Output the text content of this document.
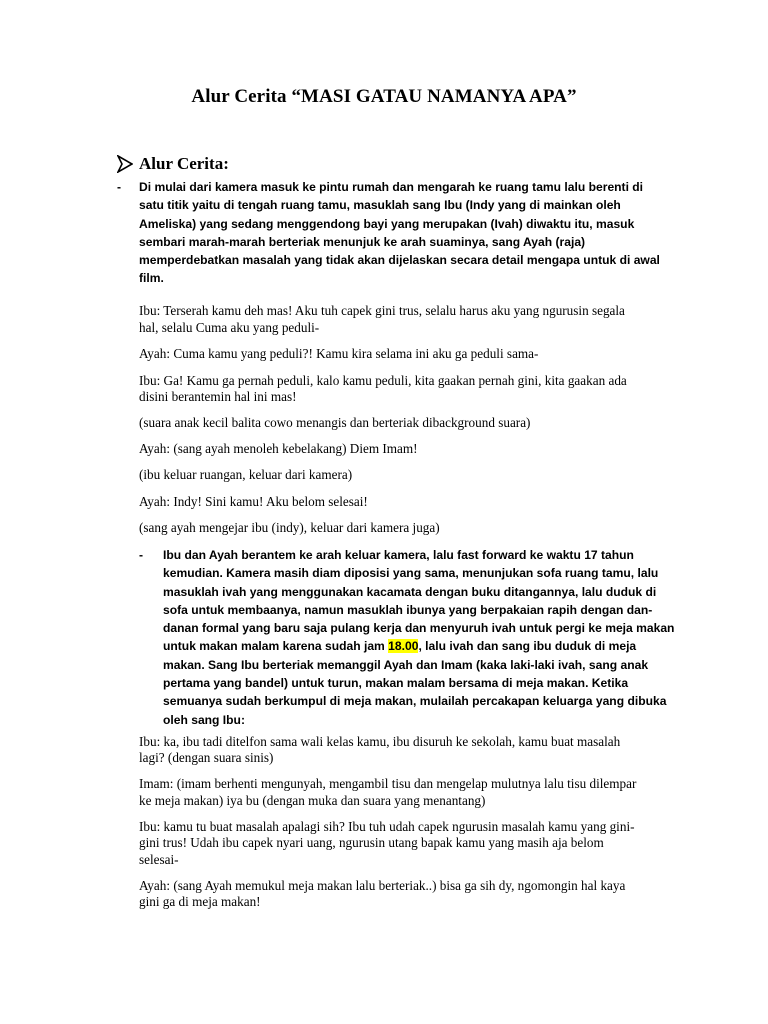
Alur Cerita “MASI GATAU NAMANYA APA”
Alur Cerita:
- Di mulai dari kamera masuk ke pintu rumah dan mengarah ke ruang tamu lalu berenti di
satu titik yaitu di tengah ruang tamu, masuklah sang Ibu (Indy yang di mainkan oleh
Ameliska) yang sedang menggendong bayi yang merupakan (Ivah) diwaktu itu, masuk
sembari marah-marah berteriak menunjuk ke arah suaminya, sang Ayah (raja)
memperdebatkan masalah yang tidak akan dijelaskan secara detail mengapa untuk di awal
film.
Ibu: Terserah kamu deh mas! Aku tuh capek gini trus, selalu harus aku yang ngurusin segala
hal, selalu Cuma aku yang peduli-
Ayah: Cuma kamu yang peduli?! Kamu kira selama ini aku ga peduli sama-
Ibu: Ga! Kamu ga pernah peduli, kalo kamu peduli, kita gaakan pernah gini, kita gaakan ada
disini berantemin hal ini mas!
(suara anak kecil balita cowo menangis dan berteriak dibackground suara)
Ayah: (sang ayah menoleh kebelakang) Diem Imam!
(ibu keluar ruangan, keluar dari kamera)
Ayah: Indy! Sini kamu! Aku belom selesai!
(sang ayah mengejar ibu (indy), keluar dari kamera juga)
- Ibu dan Ayah berantem ke arah keluar kamera, lalu fast forward ke waktu 17 tahun
kemudian. Kamera masih diam diposisi yang sama, menunjukan sofa ruang tamu, lalu
masuklah ivah yang menggunakan kacamata dengan buku ditangannya, lalu duduk di
sofa untuk membaanya, namun masuklah ibunya yang berpakaian rapih dengan dan-
danan formal yang baru saja pulang kerja dan menyuruh ivah untuk pergi ke meja makan
untuk makan malam karena sudah jam 18.00, lalu ivah dan sang ibu duduk di meja
makan. Sang Ibu berteriak memanggil Ayah dan Imam (kaka laki-laki ivah, sang anak
pertama yang bandel) untuk turun, makan malam bersama di meja makan. Ketika
semuanya sudah berkumpul di meja makan, mulailah percakapan keluarga yang dibuka
oleh sang Ibu:
Ibu: ka, ibu tadi ditelfon sama wali kelas kamu, ibu disuruh ke sekolah, kamu buat masalah
lagi? (dengan suara sinis)
Imam: (imam berhenti mengunyah, mengambil tisu dan mengelap mulutnya lalu tisu dilempar
ke meja makan) iya bu (dengan muka dan suara yang menantang)
Ibu: kamu tu buat masalah apalagi sih? Ibu tuh udah capek ngurusin masalah kamu yang gini-
gini trus! Udah ibu capek nyari uang, ngurusin utang bapak kamu yang masih aja belom
selesai-
Ayah: (sang Ayah memukul meja makan lalu berteriak..) bisa ga sih dy, ngomongin hal kaya
gini ga di meja makan!
